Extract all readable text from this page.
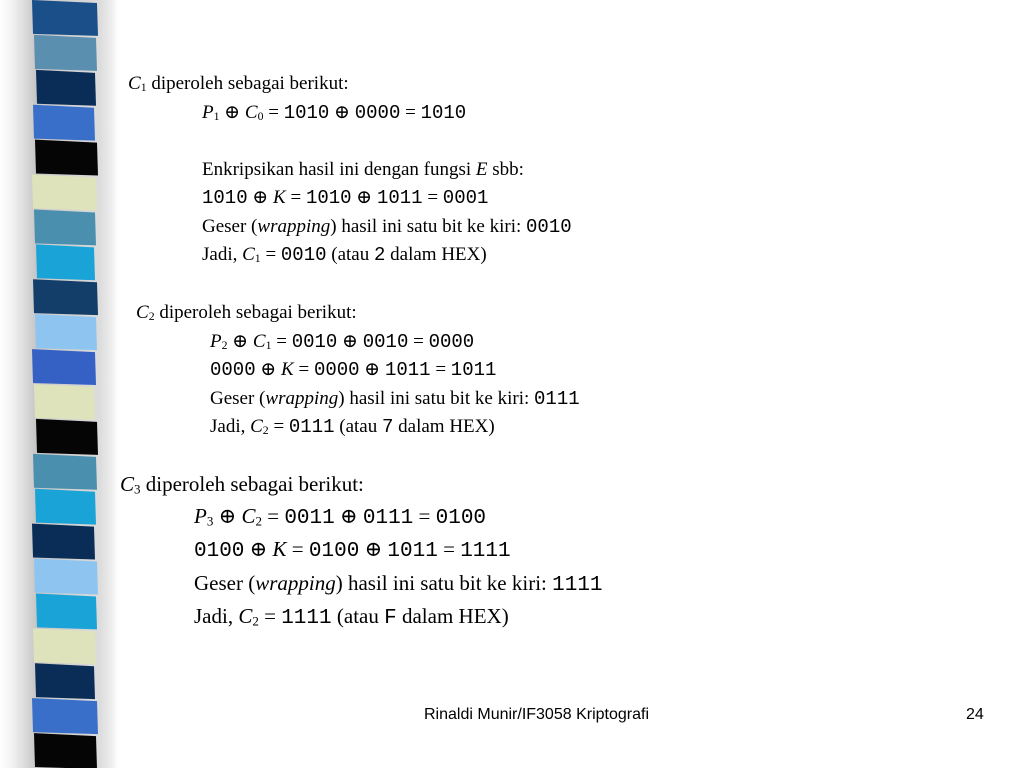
$C_1$ diperoleh sebagai berikut:
$P_1$ ⊕ $C_0 = 1010$ ⊕ 0000 = 1010

Enkripsikan hasil ini dengan fungsi E sbb:
1010 ⊕ K = 1010 ⊕ 1011 = 0001
Geser (wrapping) hasil ini satu bit ke kiri: 0010
Jadi, $C_1 = 0010$ (atau 2 dalam HEX)
$C_2$ diperoleh sebagai berikut:
$P_2$ ⊕ $C_1 = 0010$ ⊕ 0010 = 0000
0000 ⊕ K = 0000 ⊕ 1011 = 1011
Geser (wrapping) hasil ini satu bit ke kiri: 0111
Jadi, $C_2 = 0111$ (atau 7 dalam HEX)
$C_3$ diperoleh sebagai berikut:
$P_3$ ⊕ $C_2 = 0011$ ⊕ 0111 = 0100
0100 ⊕ K = 0100 ⊕ 1011 = 1111
Geser (wrapping) hasil ini satu bit ke kiri: 1111
Jadi, $C_2 = 1111$ (atau F dalam HEX)
Rinaldi Munir/IF3058 Kriptografi	24
